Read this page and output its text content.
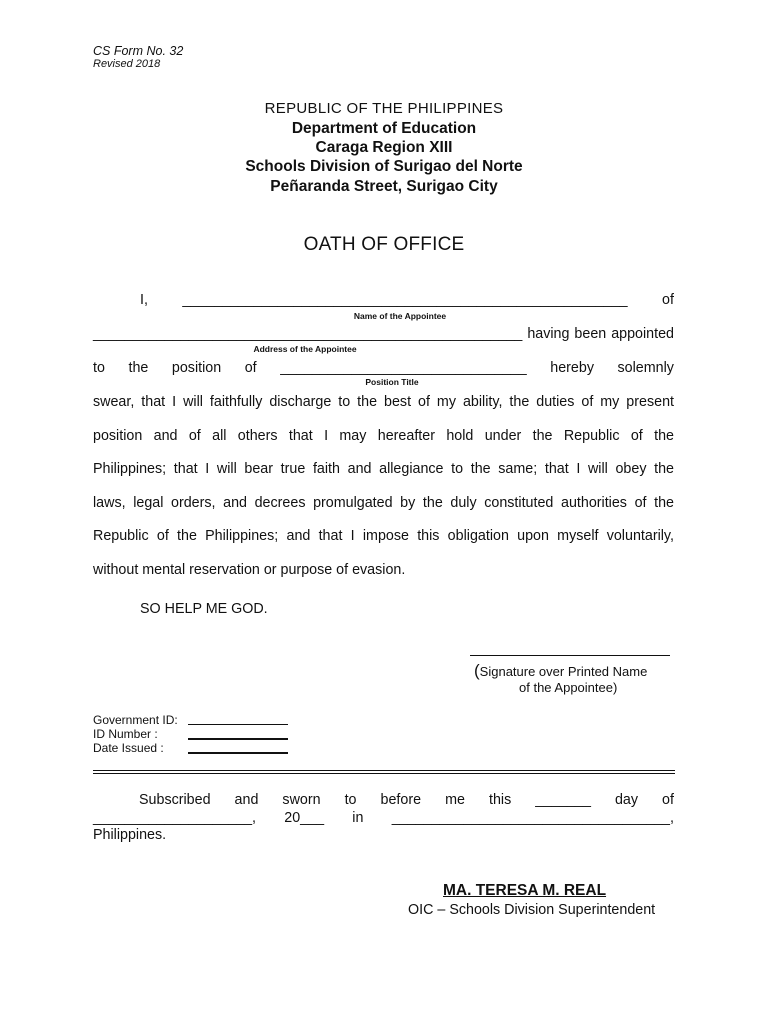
CS Form No. 32
Revised 2018
REPUBLIC OF THE PHILIPPINES
Department of Education
Caraga Region XIII
Schools Division of Surigao del Norte
Peñaranda Street, Surigao City
OATH OF OFFICE
I, ________________________________________________________ of
Name of the Appointee
______________________________________________________ having been appointed
Address of the Appointee
to the position of _______________________________ hereby solemnly
Position Title
swear, that I will faithfully discharge to the best of my ability, the duties of my present
position and of all others that I may hereafter hold under the Republic of the
Philippines; that I will bear true faith and allegiance to the same; that I will obey the
laws, legal orders, and decrees promulgated by the duly constituted authorities of the
Republic of the Philippines; and that I impose this obligation upon myself voluntarily,
without mental reservation or purpose of evasion.
SO HELP ME GOD.
(Signature over Printed Name
of the Appointee)
Government ID:
ID Number :
Date Issued :
Subscribed and sworn to before me this _______ day of
____________________, 20___ in ___________________________________,
Philippines.
MA. TERESA M. REAL
OIC – Schools Division Superintendent
